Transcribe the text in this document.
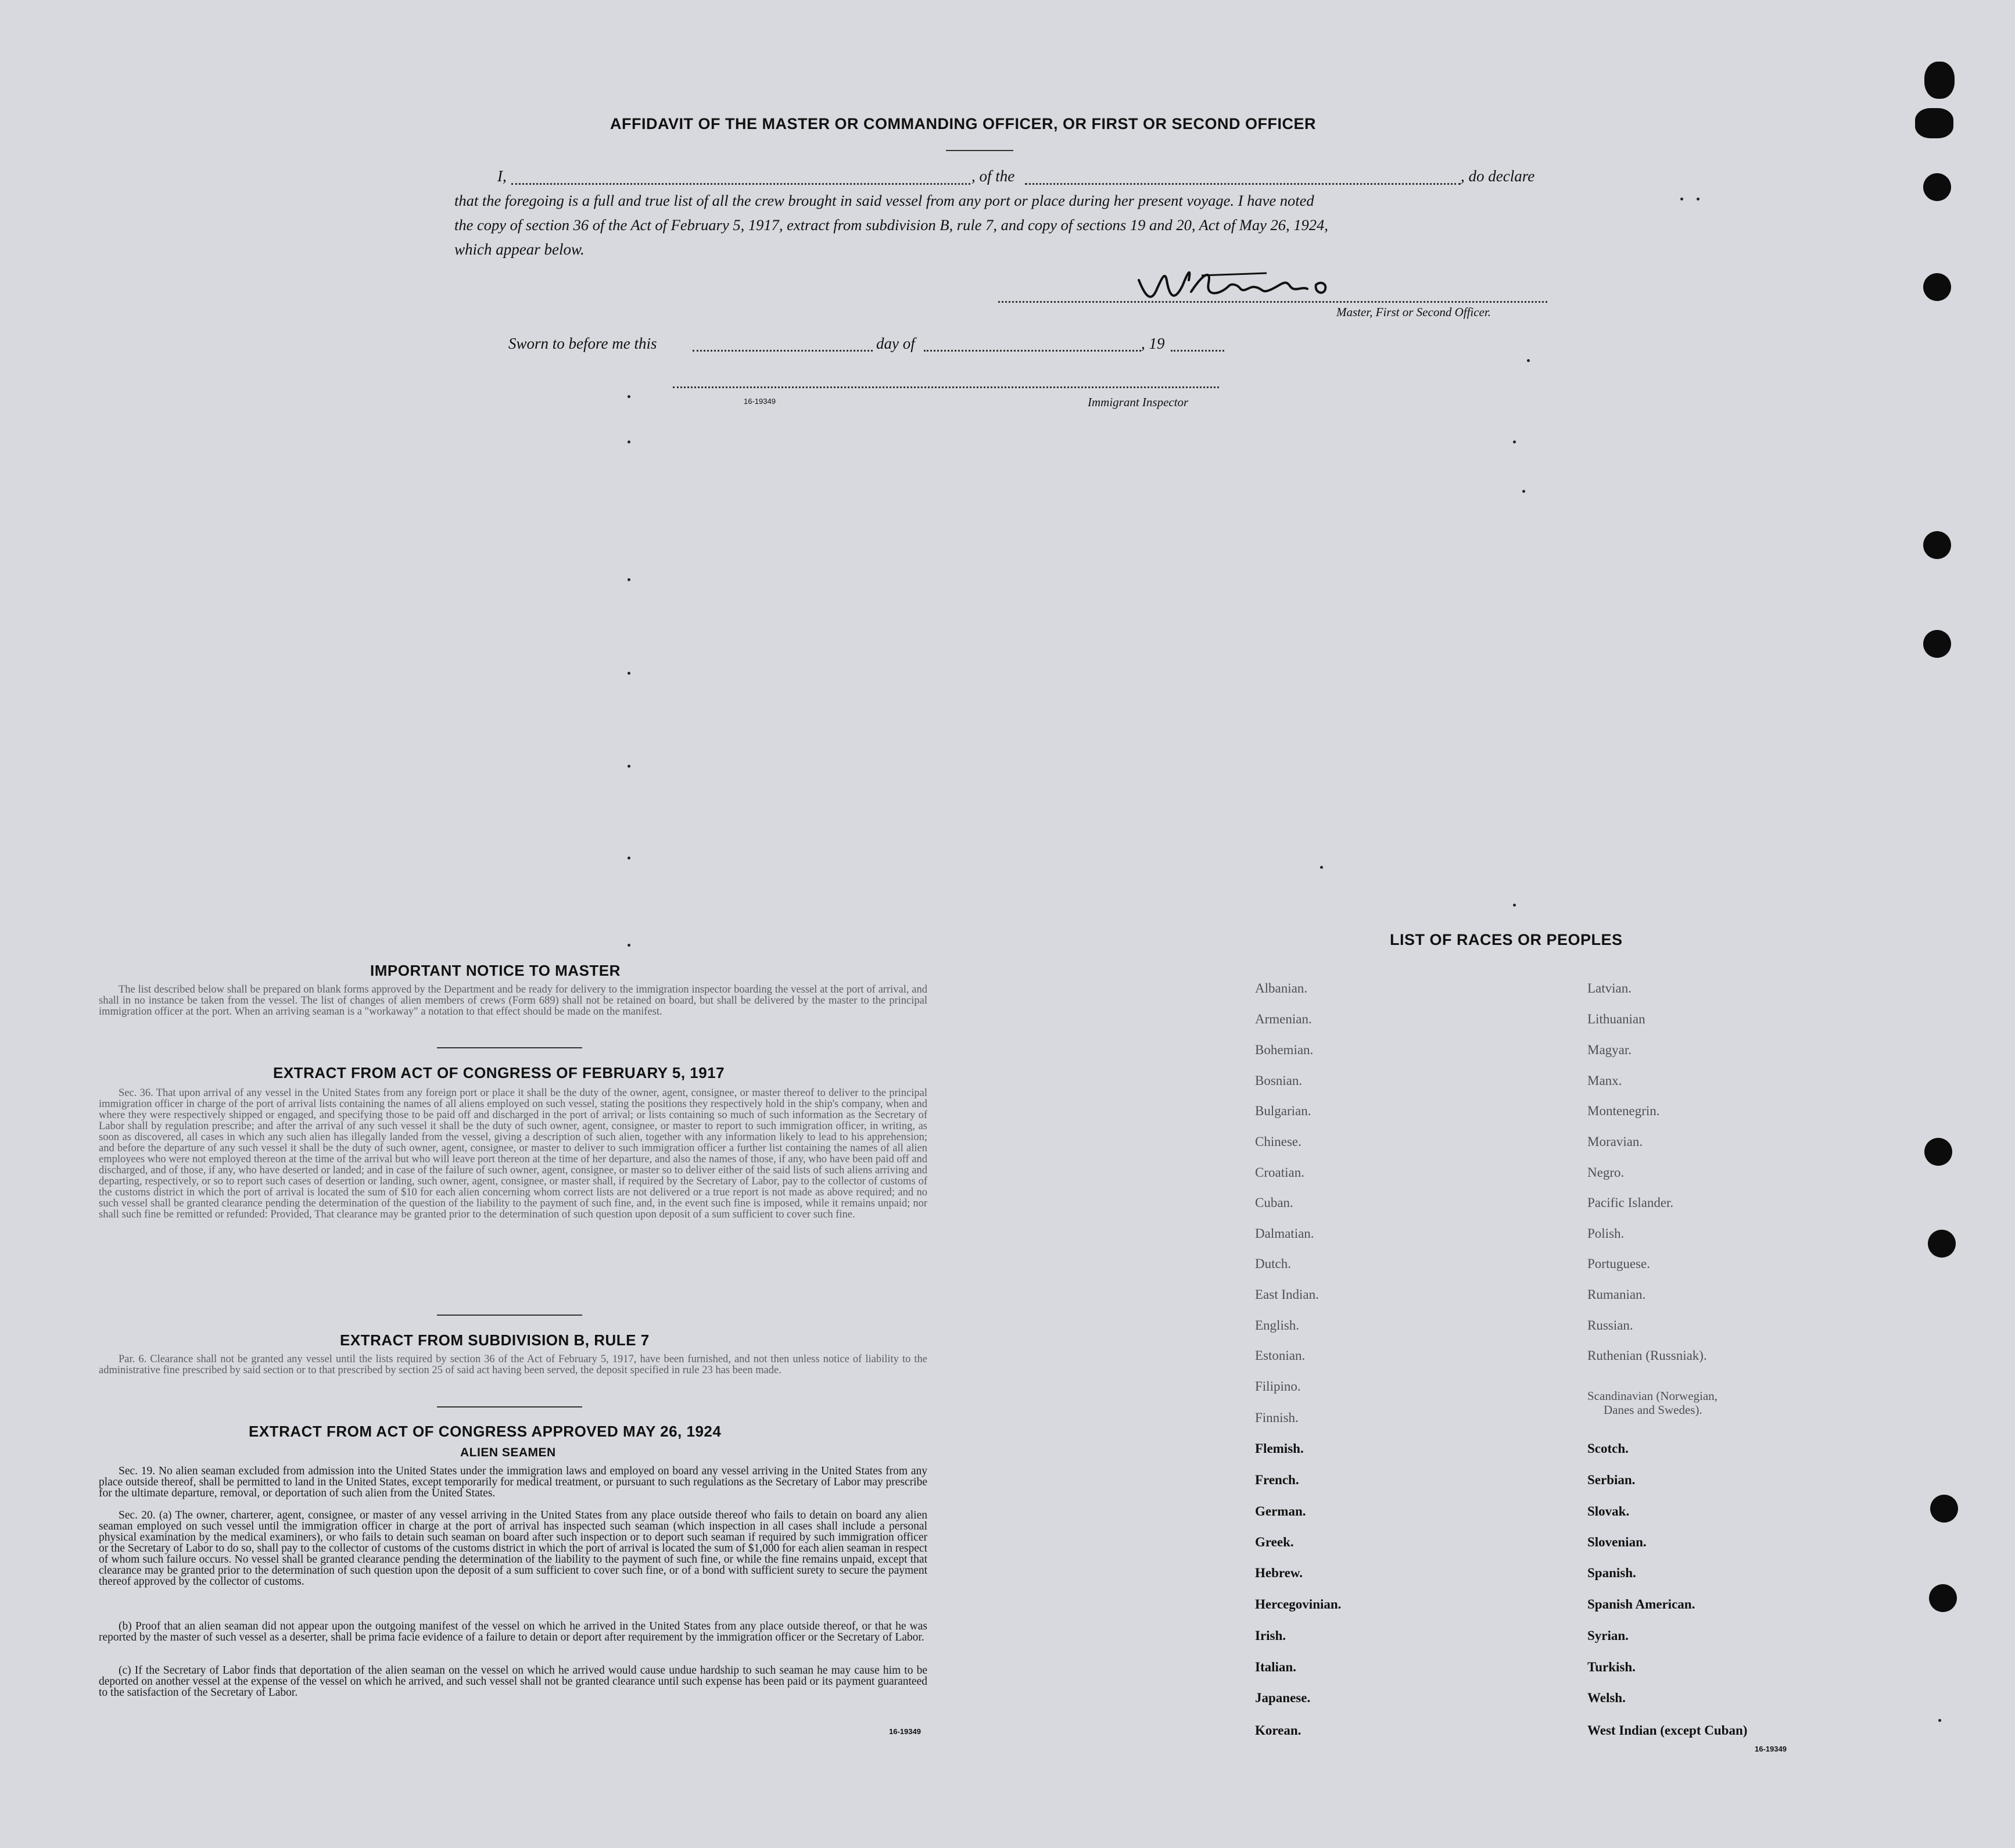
AFFIDAVIT OF THE MASTER OR COMMANDING OFFICER, OR FIRST OR SECOND OFFICER
I,	, of the	, do declare
that the foregoing is a full and true list of all the crew brought in said vessel from any port or place during her present voyage. I have noted
the copy of section 36 of the Act of February 5, 1917, extract from subdivision B, rule 7, and copy of sections 19 and 20, Act of May 26, 1924,
which appear below.
Master, First or Second Officer.
Sworn to before me this	day of	, 19
16-19349	Immigrant Inspector
IMPORTANT NOTICE TO MASTER
The list described below shall be prepared on blank forms approved by the Department and be ready for delivery to the immigration inspector boarding the vessel at the port of arrival, and shall in no instance be taken from the vessel. The list of changes of alien members of crews (Form 689) shall not be retained on board, but shall be delivered by the master to the principal immigration officer at the port. When an arriving seaman is a "workaway" a notation to that effect should be made on the manifest.
EXTRACT FROM ACT OF CONGRESS OF FEBRUARY 5, 1917
Sec. 36. That upon arrival of any vessel in the United States from any foreign port or place it shall be the duty of the owner, agent, consignee, or master thereof to deliver to the principal immigration officer in charge of the port of arrival lists containing the names of all aliens employed on such vessel, stating the positions they respectively hold in the ship's company, when and where they were respectively shipped or engaged, and specifying those to be paid off and discharged in the port of arrival; or lists containing so much of such information as the Secretary of Labor shall by regulation prescribe; and after the arrival of any such vessel it shall be the duty of such owner, agent, consignee, or master to report to such immigration officer, in writing, as soon as discovered, all cases in which any such alien has illegally landed from the vessel, giving a description of such alien, together with any information likely to lead to his apprehension; and before the departure of any such vessel it shall be the duty of such owner, agent, consignee, or master to deliver to such immigration officer a further list containing the names of all alien employees who were not employed thereon at the time of the arrival but who will leave port thereon at the time of her departure, and also the names of those, if any, who have been paid off and discharged, and of those, if any, who have deserted or landed; and in case of the failure of such owner, agent, consignee, or master so to deliver either of the said lists of such aliens arriving and departing, respectively, or so to report such cases of desertion or landing, such owner, agent, consignee, or master shall, if required by the Secretary of Labor, pay to the collector of customs of the customs district in which the port of arrival is located the sum of $10 for each alien concerning whom correct lists are not delivered or a true report is not made as above required; and no such vessel shall be granted clearance pending the determination of the question of the liability to the payment of such fine, and, in the event such fine is imposed, while it remains unpaid; nor shall such fine be remitted or refunded: Provided, That clearance may be granted prior to the determination of such question upon deposit of a sum sufficient to cover such fine.
EXTRACT FROM SUBDIVISION B, RULE 7
Par. 6. Clearance shall not be granted any vessel until the lists required by section 36 of the Act of February 5, 1917, have been furnished, and not then unless notice of liability to the administrative fine prescribed by said section or to that prescribed by section 25 of said act having been served, the deposit specified in rule 23 has been made.
EXTRACT FROM ACT OF CONGRESS APPROVED MAY 26, 1924
ALIEN SEAMEN
Sec. 19. No alien seaman excluded from admission into the United States under the immigration laws and employed on board any vessel arriving in the United States from any place outside thereof, shall be permitted to land in the United States, except temporarily for medical treatment, or pursuant to such regulations as the Secretary of Labor may prescribe for the ultimate departure, removal, or deportation of such alien from the United States.
Sec. 20. (a) The owner, charterer, agent, consignee, or master of any vessel arriving in the United States from any place outside thereof who fails to detain on board any alien seaman employed on such vessel until the immigration officer in charge at the port of arrival has inspected such seaman (which inspection in all cases shall include a personal physical examination by the medical examiners), or who fails to detain such seaman on board after such inspection or to deport such seaman if required by such immigration officer or the Secretary of Labor to do so, shall pay to the collector of customs of the customs district in which the port of arrival is located the sum of $1,000 for each alien seaman in respect of whom such failure occurs. No vessel shall be granted clearance pending the determination of the liability to the payment of such fine, or while the fine remains unpaid, except that clearance may be granted prior to the determination of such question upon the deposit of a sum sufficient to cover such fine, or of a bond with sufficient surety to secure the payment thereof approved by the collector of customs.
(b) Proof that an alien seaman did not appear upon the outgoing manifest of the vessel on which he arrived in the United States from any place outside thereof, or that he was reported by the master of such vessel as a deserter, shall be prima facie evidence of a failure to detain or deport after requirement by the immigration officer or the Secretary of Labor.
(c) If the Secretary of Labor finds that deportation of the alien seaman on the vessel on which he arrived would cause undue hardship to such seaman he may cause him to be deported on another vessel at the expense of the vessel on which he arrived, and such vessel shall not be granted clearance until such expense has been paid or its payment guaranteed to the satisfaction of the Secretary of Labor.
16-19349
LIST OF RACES OR PEOPLES
Albanian.
Armenian.
Bohemian.
Bosnian.
Bulgarian.
Chinese.
Croatian.
Cuban.
Dalmatian.
Dutch.
East Indian.
English.
Estonian.
Filipino.
Finnish.
Flemish.
French.
German.
Greek.
Hebrew.
Hercegovinian.
Irish.
Italian.
Japanese.
Korean.
Latvian.
Lithuanian
Magyar.
Manx.
Montenegrin.
Moravian.
Negro.
Pacific Islander.
Polish.
Portuguese.
Rumanian.
Russian.
Ruthenian (Russniak).
Scandinavian (Norwegian,
Danes and Swedes).
Scotch.
Serbian.
Slovak.
Slovenian.
Spanish.
Spanish American.
Syrian.
Turkish.
Welsh.
West Indian (except Cuban)
16-19349
